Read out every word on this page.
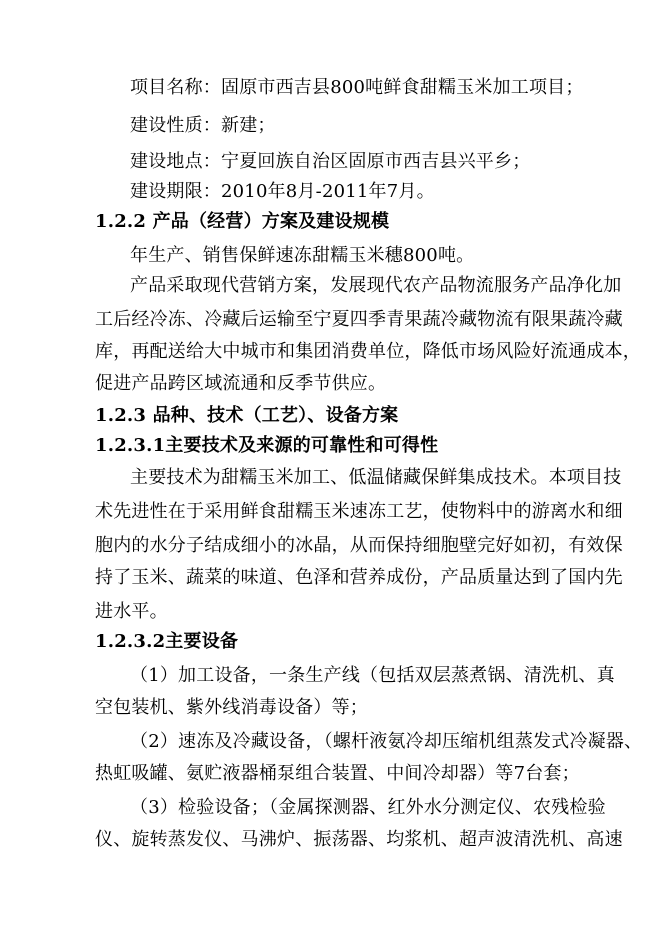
项目名称：固原市西吉县800吨鲜食甜糯玉米加工项目；
建设性质：新建；
建设地点：宁夏回族自治区固原市西吉县兴平乡；
建设期限：2010年8月-2011年7月。
1.2.2 产品（经营）方案及建设规模
年生产、销售保鲜速冻甜糯玉米穗800吨。
产品采取现代营销方案，发展现代农产品物流服务产品净化加
工后经冷冻、冷藏后运输至宁夏四季青果蔬冷藏物流有限果蔬冷藏
库，再配送给大中城市和集团消费单位，降低市场风险好流通成本，
促进产品跨区域流通和反季节供应。
1.2.3 品种、技术（工艺）、设备方案
1.2.3.1主要技术及来源的可靠性和可得性
主要技术为甜糯玉米加工、低温储藏保鲜集成技术。本项目技
术先进性在于采用鲜食甜糯玉米速冻工艺，使物料中的游离水和细
胞内的水分子结成细小的冰晶，从而保持细胞壁完好如初，有效保
持了玉米、蔬菜的味道、色泽和营养成份，产品质量达到了国内先
进水平。
1.2.3.2主要设备
（1）加工设备，一条生产线（包括双层蒸煮锅、清洗机、真
空包装机、紫外线消毒设备）等；
（2）速冻及冷藏设备，（螺杆液氨冷却压缩机组蒸发式冷凝器、
热虹吸罐、氨贮液器桶泵组合装置、中间冷却器）等7台套；
（3）检验设备；（金属探测器、红外水分测定仪、农残检验
仪、旋转蒸发仪、马沸炉、振荡器、均浆机、超声波清洗机、高速
